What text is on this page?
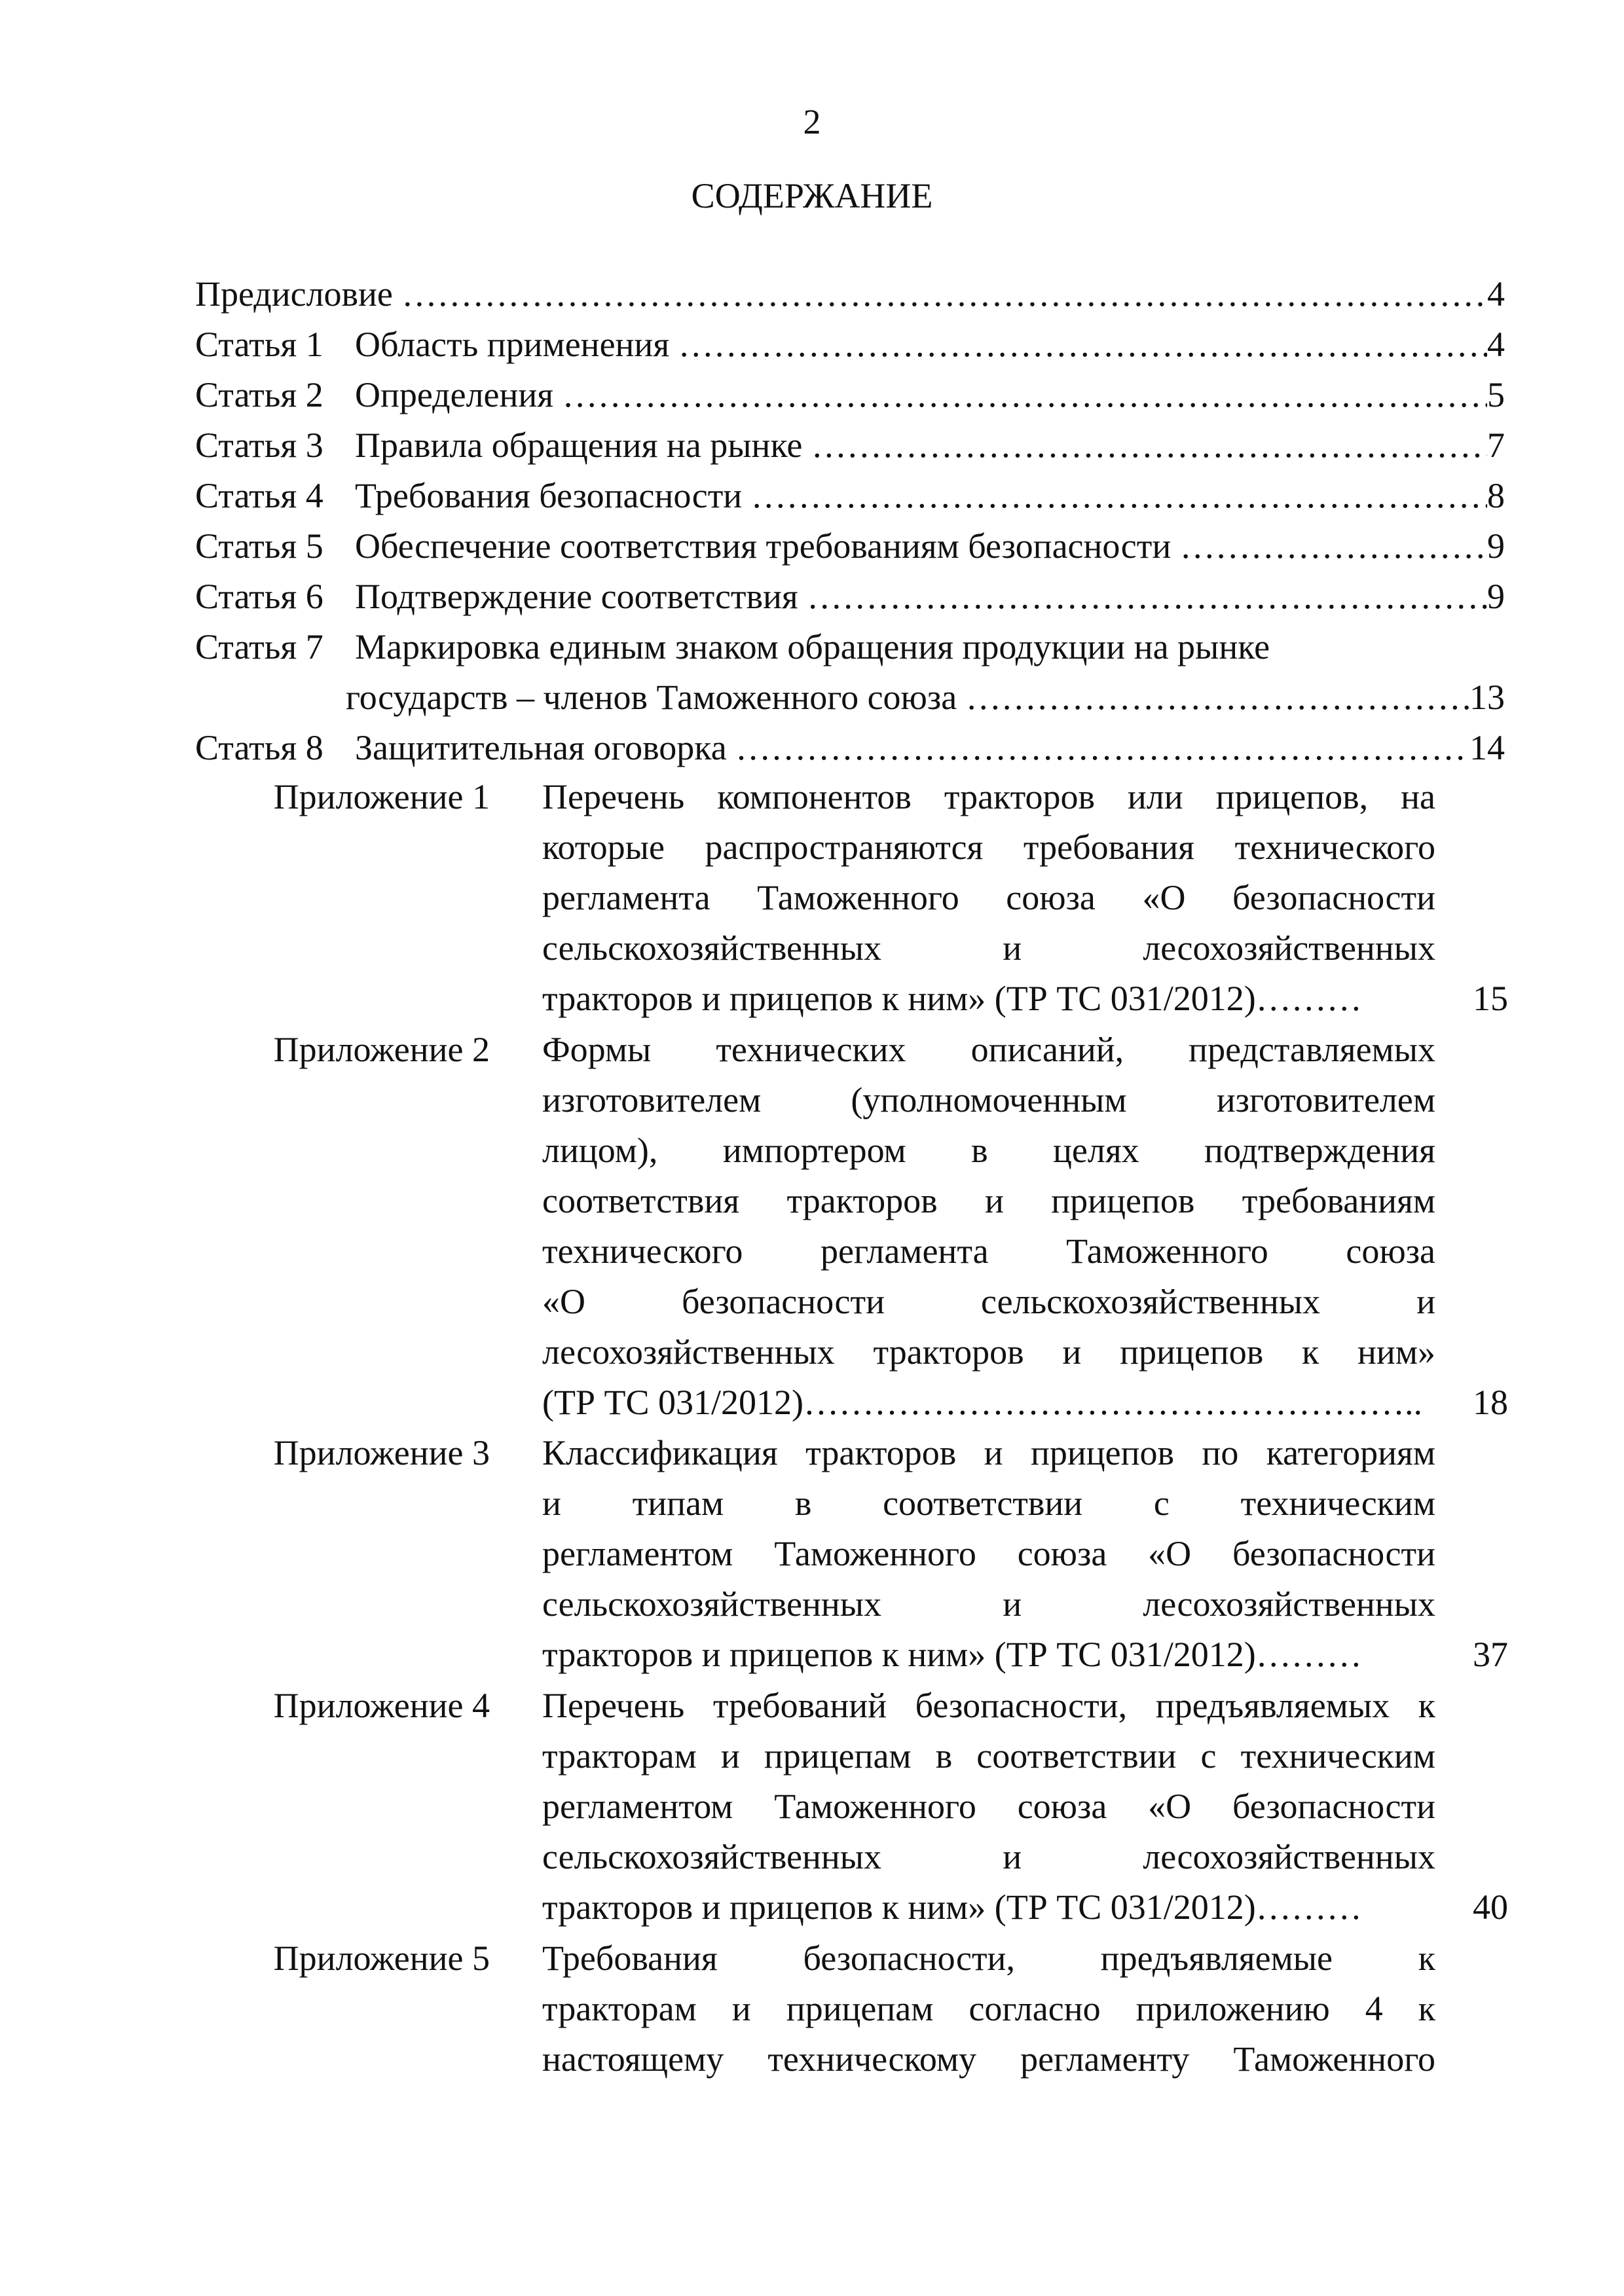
2
СОДЕРЖАНИЕ
Предисловие ……………………………………………………………………………………………………………………………………………………………………………	4
Статья 1 Область применения ……………………………………………………………………………………………………………………………………………………………………………	4
Статья 2 Определения ……………………………………………………………………………………………………………………………………………………………………………	5
Статья 3 Правила обращения на рынке ……………………………………………………………………………………………………………………………………………………………………………	7
Статья 4 Требования безопасности ……………………………………………………………………………………………………………………………………………………………………………	8
Статья 5 Обеспечение соответствия требованиям безопасности ……………………………………………………………………………………………………………………………………………………………………………	9
Статья 6 Подтверждение соответствия ……………………………………………………………………………………………………………………………………………………………………………	9
Статья 7 Маркировка единым знаком обращения продукции на рынке
государств – членов Таможенного союза ……………………………………………………………………………………………………………………………………………………………………………	13
Статья 8 Защитительная оговорка ……………………………………………………………………………………………………………………………………………………………………………	14
Приложение 1 Перечень компонентов тракторов или прицепов, на
которые распространяются требования технического
регламента Таможенного союза «О безопасности
сельскохозяйственных и лесохозяйственных
тракторов и прицепов к ним» (ТР ТС 031/2012)………	15
Приложение 2 Формы технических описаний, представляемых
изготовителем (уполномоченным изготовителем
лицом), импортером в целях подтверждения
соответствия тракторов и прицепов требованиям
технического регламента Таможенного союза
«О безопасности сельскохозяйственных и
лесохозяйственных тракторов и прицепов к ним»
(ТР ТС 031/2012)……………………………………………..	18
Приложение 3 Классификация тракторов и прицепов по категориям
и типам в соответствии с техническим
регламентом Таможенного союза «О безопасности
сельскохозяйственных и лесохозяйственных
тракторов и прицепов к ним» (ТР ТС 031/2012)………	37
Приложение 4 Перечень требований безопасности, предъявляемых к
тракторам и прицепам в соответствии с техническим
регламентом Таможенного союза «О безопасности
сельскохозяйственных и лесохозяйственных
тракторов и прицепов к ним» (ТР ТС 031/2012)………	40
Приложение 5 Требования безопасности, предъявляемые к
тракторам и прицепам согласно приложению 4 к
настоящему техническому регламенту Таможенного
